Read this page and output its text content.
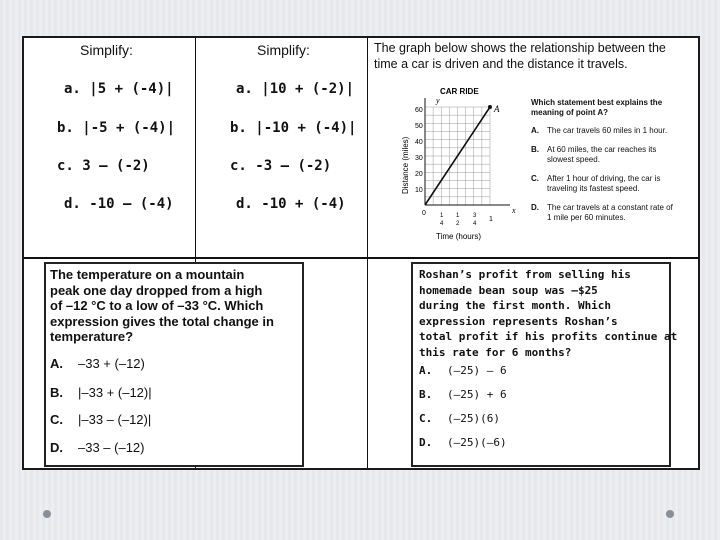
Simplify:
a. |5 + (-4)|
b. |-5 + (-4)|
c. 3 – (-2)
d. -10 – (-4)
Simplify:
a. |10 + (-2)|
b. |-10 + (-4)|
c. -3 – (-2)
d. -10 + (-4)
The graph below shows the relationship between the
time a car is driven and the distance it travels.
CAR RIDE
y
x
Distance (miles)
Time (hours)
0
60
50
40
30
20
10
1
4
1
2
3
4
1
A
Which statement best explains the
meaning of point A?
A. The car travels 60 miles in 1 hour.
B. At 60 miles, the car reaches its
slowest speed.
C. After 1 hour of driving, the car is
traveling its fastest speed.
D. The car travels at a constant rate of
1 mile per 60 minutes.
The temperature on a mountain
peak one day dropped from a high
of –12 °C to a low of –33 °C. Which
expression gives the total change in
temperature?
A. –33 + (–12)
B. |–33 + (–12)|
C. |–33 – (–12)|
D. –33 – (–12)
Roshan’s profit from selling his
homemade bean soup was –$25
during the first month. Which
expression represents Roshan’s
total profit if his profits continue at
this rate for 6 months?
A. (–25) – 6
B. (–25) + 6
C. (–25)(6)
D. (–25)(–6)
